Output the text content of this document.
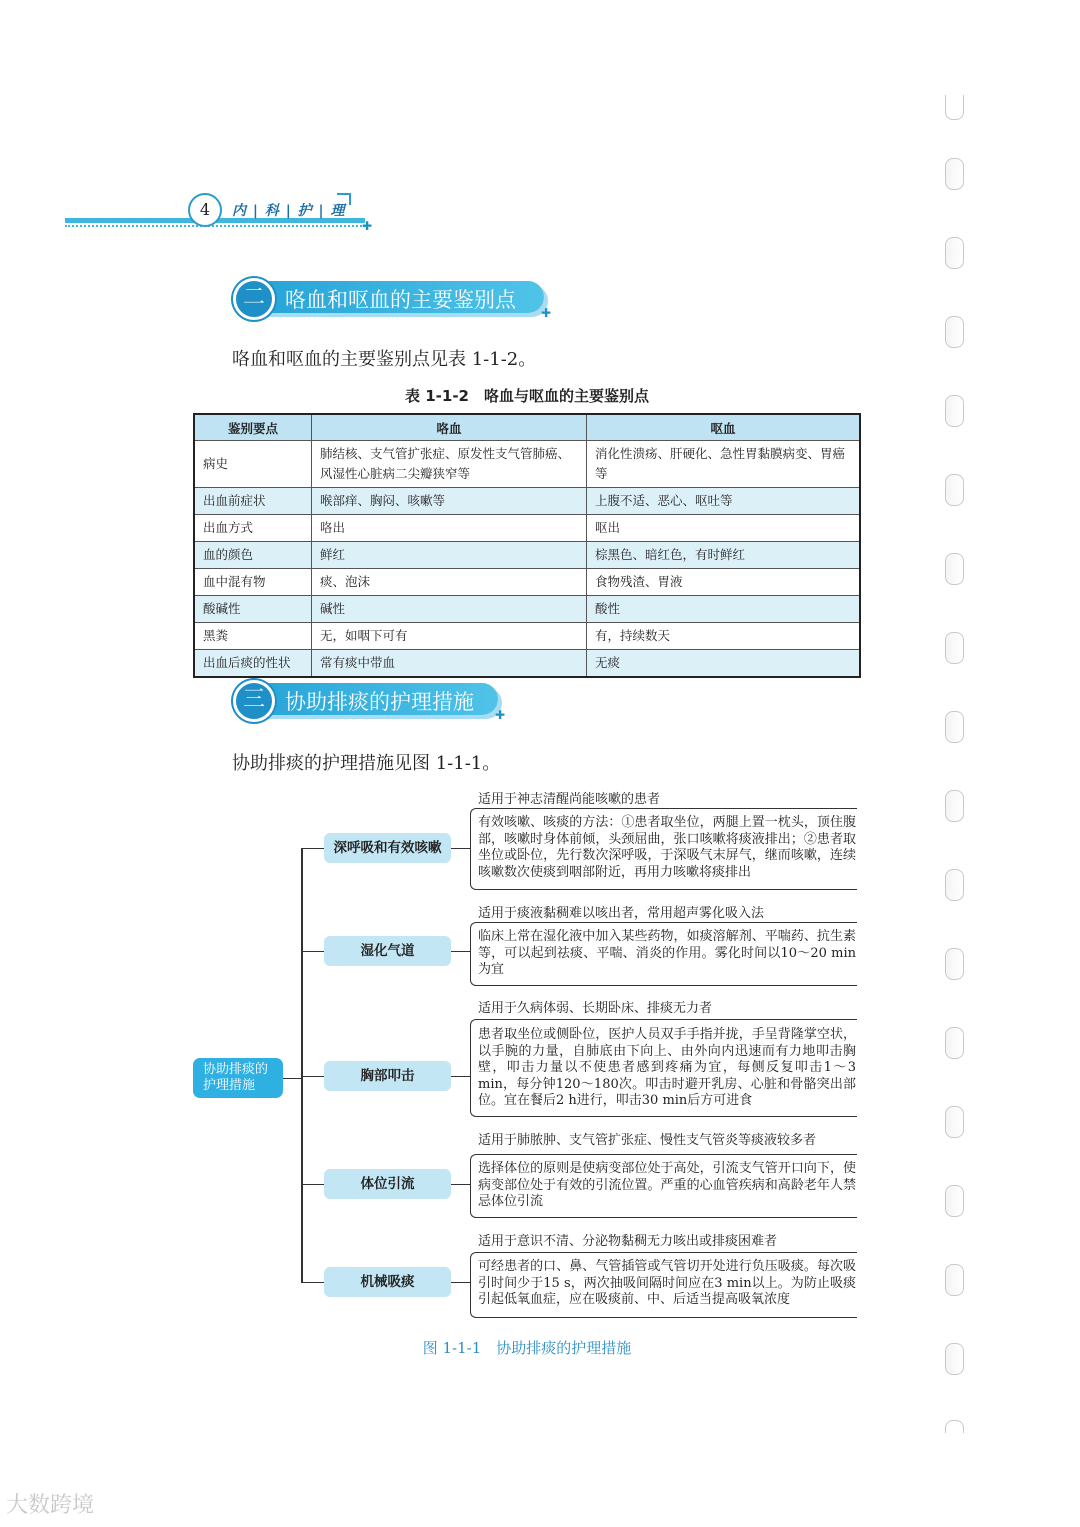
✚
4	内 | 科 | 护 | 理
二 咯血和呕血的主要鉴别点
✚
咯血和呕血的主要鉴别点见表 1-1-2。
表 1-1-2　咯血与呕血的主要鉴别点
鉴别要点	咯血	呕血
病史	肺结核、支气管扩张症、原发性支气管肺癌、风湿性心脏病二尖瓣狭窄等	消化性溃疡、肝硬化、急性胃黏膜病变、胃癌等
出血前症状	喉部痒、胸闷、咳嗽等	上腹不适、恶心、呕吐等
出血方式	咯出	呕出
血的颜色	鲜红	棕黑色、暗红色，有时鲜红
血中混有物	痰、泡沫	食物残渣、胃液
酸碱性	碱性	酸性
黑粪	无，如咽下可有	有，持续数天
出血后痰的性状	常有痰中带血	无痰
三 协助排痰的护理措施
✚
协助排痰的护理措施见图 1-1-1。
协助排痰的
护理措施
深呼吸和有效咳嗽
适用于神志清醒尚能咳嗽的患者
有效咳嗽、咳痰的方法：①患者取坐位，两腿上置一枕头，顶住腹部，咳嗽时身体前倾，头颈屈曲，张口咳嗽将痰液排出；②患者取坐位或卧位，先行数次深呼吸，于深吸气末屏气，继而咳嗽，连续咳嗽数次使痰到咽部附近，再用力咳嗽将痰排出
湿化气道
适用于痰液黏稠难以咳出者，常用超声雾化吸入法
临床上常在湿化液中加入某些药物，如痰溶解剂、平喘药、抗生素等，可以起到祛痰、平喘、消炎的作用。雾化时间以10～20 min为宜
胸部叩击
适用于久病体弱、长期卧床、排痰无力者
患者取坐位或侧卧位，医护人员双手手指并拢，手呈背隆掌空状，以手腕的力量，自肺底由下向上、由外向内迅速而有力地叩击胸壁，叩击力量以不使患者感到疼痛为宜，每侧反复叩击1～3 min，每分钟120～180次。叩击时避开乳房、心脏和骨骼突出部位。宜在餐后2 h进行，叩击30 min后方可进食
体位引流
适用于肺脓肿、支气管扩张症、慢性支气管炎等痰液较多者
选择体位的原则是使病变部位处于高处，引流支气管开口向下，使病变部位处于有效的引流位置。严重的心血管疾病和高龄老年人禁忌体位引流
机械吸痰
适用于意识不清、分泌物黏稠无力咳出或排痰困难者
可经患者的口、鼻、气管插管或气管切开处进行负压吸痰。每次吸引时间少于15 s，两次抽吸间隔时间应在3 min以上。为防止吸痰引起低氧血症，应在吸痰前、中、后适当提高吸氧浓度
图 1-1-1　协助排痰的护理措施
大数跨境
